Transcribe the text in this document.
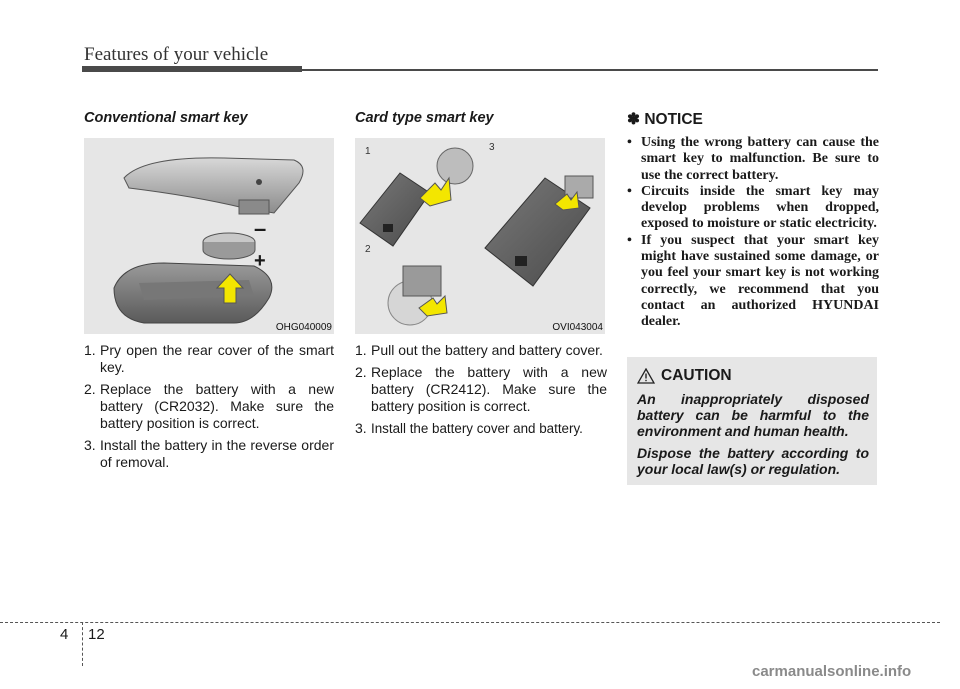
Features of your vehicle
Conventional smart key
–
+
OHG040009
1. Pry open the rear cover of the smart key.
2. Replace the battery with a new battery (CR2032). Make sure the battery position is correct.
3. Install the battery in the reverse order of removal.
Card type smart key
1
2
3
OVI043004
1. Pull out the battery and battery cover.
2. Replace the battery with a new battery (CR2412). Make sure the battery position is correct.
3. Install the battery cover and battery.
✽ NOTICE
• Using the wrong battery can cause the smart key to malfunction. Be sure to use the correct battery.
• Circuits inside the smart key may develop problems when dropped, exposed to moisture or static electricity.
• If you suspect that your smart key might have sustained some damage, or you feel your smart key is not working correctly, we recommend that you contact an authorized HYUNDAI dealer.
CAUTION

An inappropriately disposed battery can be harmful to the environment and human health.

Dispose the battery according to your local law(s) or regulation.

4 12
carmanualsonline.info
